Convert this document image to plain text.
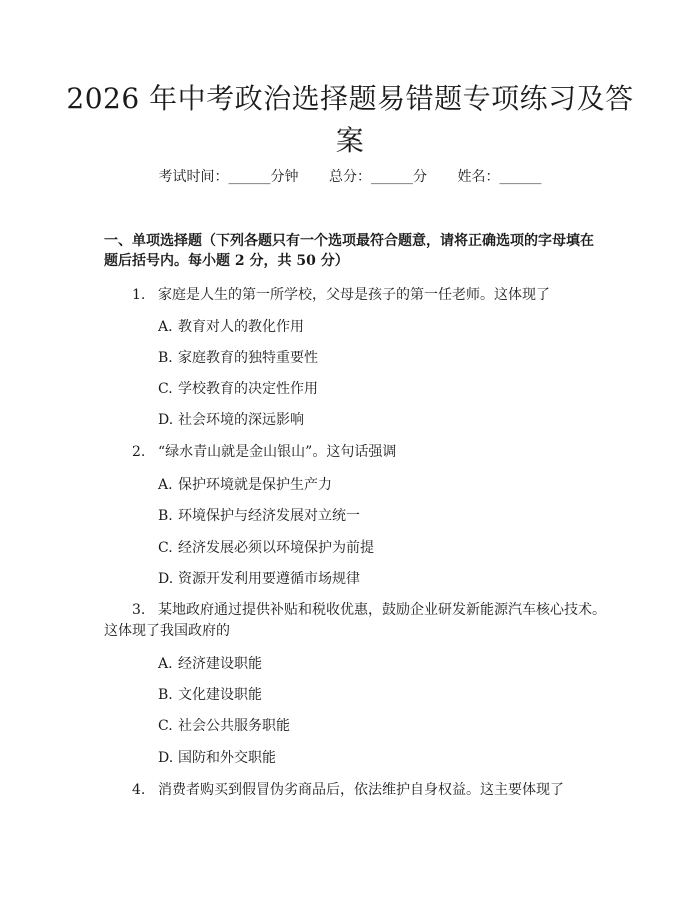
2026 年中考政治选择题易错题专项练习及答
案
考试时间：______分钟 总分：______分 姓名：______
一、单项选择题（下列各题只有一个选项最符合题意，请将正确选项的字母填在
题后括号内。每小题 2 分，共 50 分）
1. 家庭是人生的第一所学校，父母是孩子的第一任老师。这体现了
A. 教育对人的教化作用
B. 家庭教育的独特重要性
C. 学校教育的决定性作用
D. 社会环境的深远影响
2. “绿水青山就是金山银山”。这句话强调
A. 保护环境就是保护生产力
B. 环境保护与经济发展对立统一
C. 经济发展必须以环境保护为前提
D. 资源开发利用要遵循市场规律
3. 某地政府通过提供补贴和税收优惠，鼓励企业研发新能源汽车核心技术。
这体现了我国政府的
A. 经济建设职能
B. 文化建设职能
C. 社会公共服务职能
D. 国防和外交职能
4. 消费者购买到假冒伪劣商品后，依法维护自身权益。这主要体现了
